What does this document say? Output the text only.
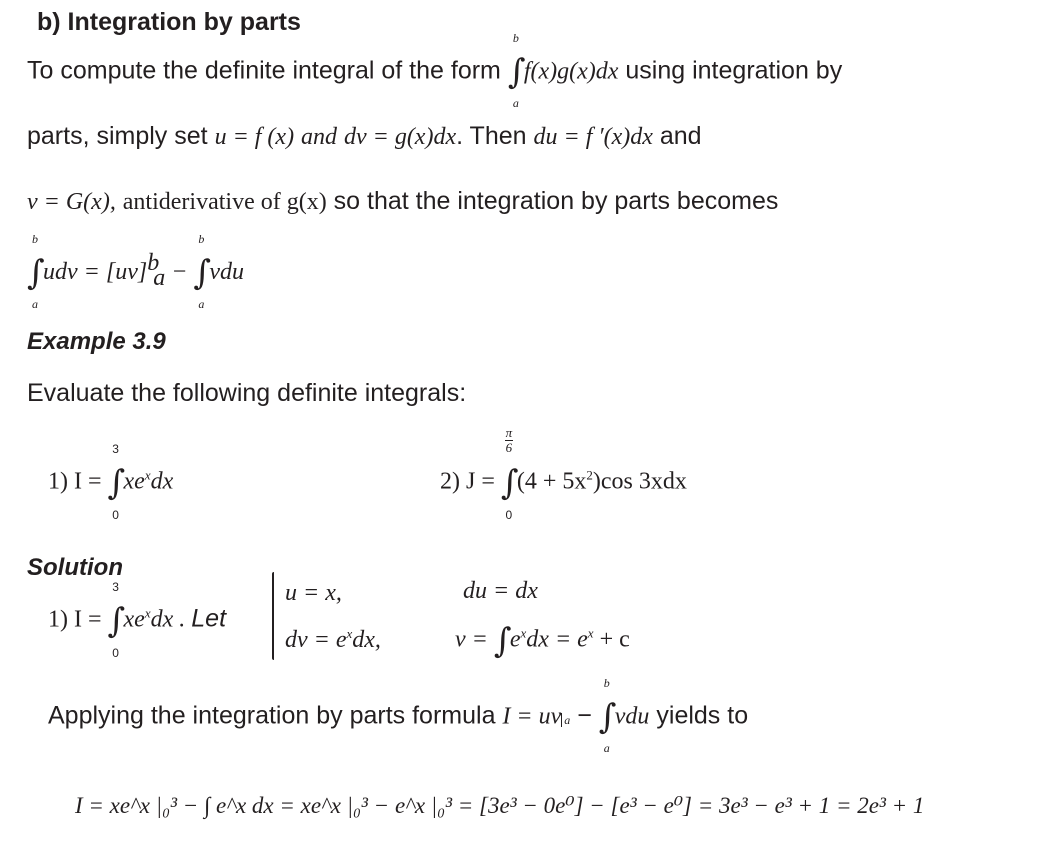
b) Integration by parts
To compute the definite integral of the form
b
∫
a
f(x)g(x)dx using integration by
parts, simply set u = f (x) and dv = g(x)dx. Then du = f ′(x)dx and
v = G(x), antiderivative of g(x) so that the integration by parts becomes
b
∫
a
udv = [uv]$^b_a$ −
b
∫
a
vdu
Example 3.9
Evaluate the following definite integrals:
1) I =
3
∫
0
$xe^xdx$	2) J =
$\frac{\pi}{6}$
∫
0
$(4 + 5x^2)\cos$ 3xdx
Solution
1) I =
3
∫
0
$xe^xdx$ . Let
u = x,
dv = $e^xdx$,
du = dx
v = ∫
$e^xdx = e^x + c$
Applying the integration by parts formula I = uv a −
b
∫
a
vdu yields to
I = xe^x |₀³ − ∫ e^x dx = xe^x |₀³ − e^x |₀³ = [3e³ − 0e⁰] − [e³ − e⁰] = 3e³ − e³ + 1 = 2e³ + 1
